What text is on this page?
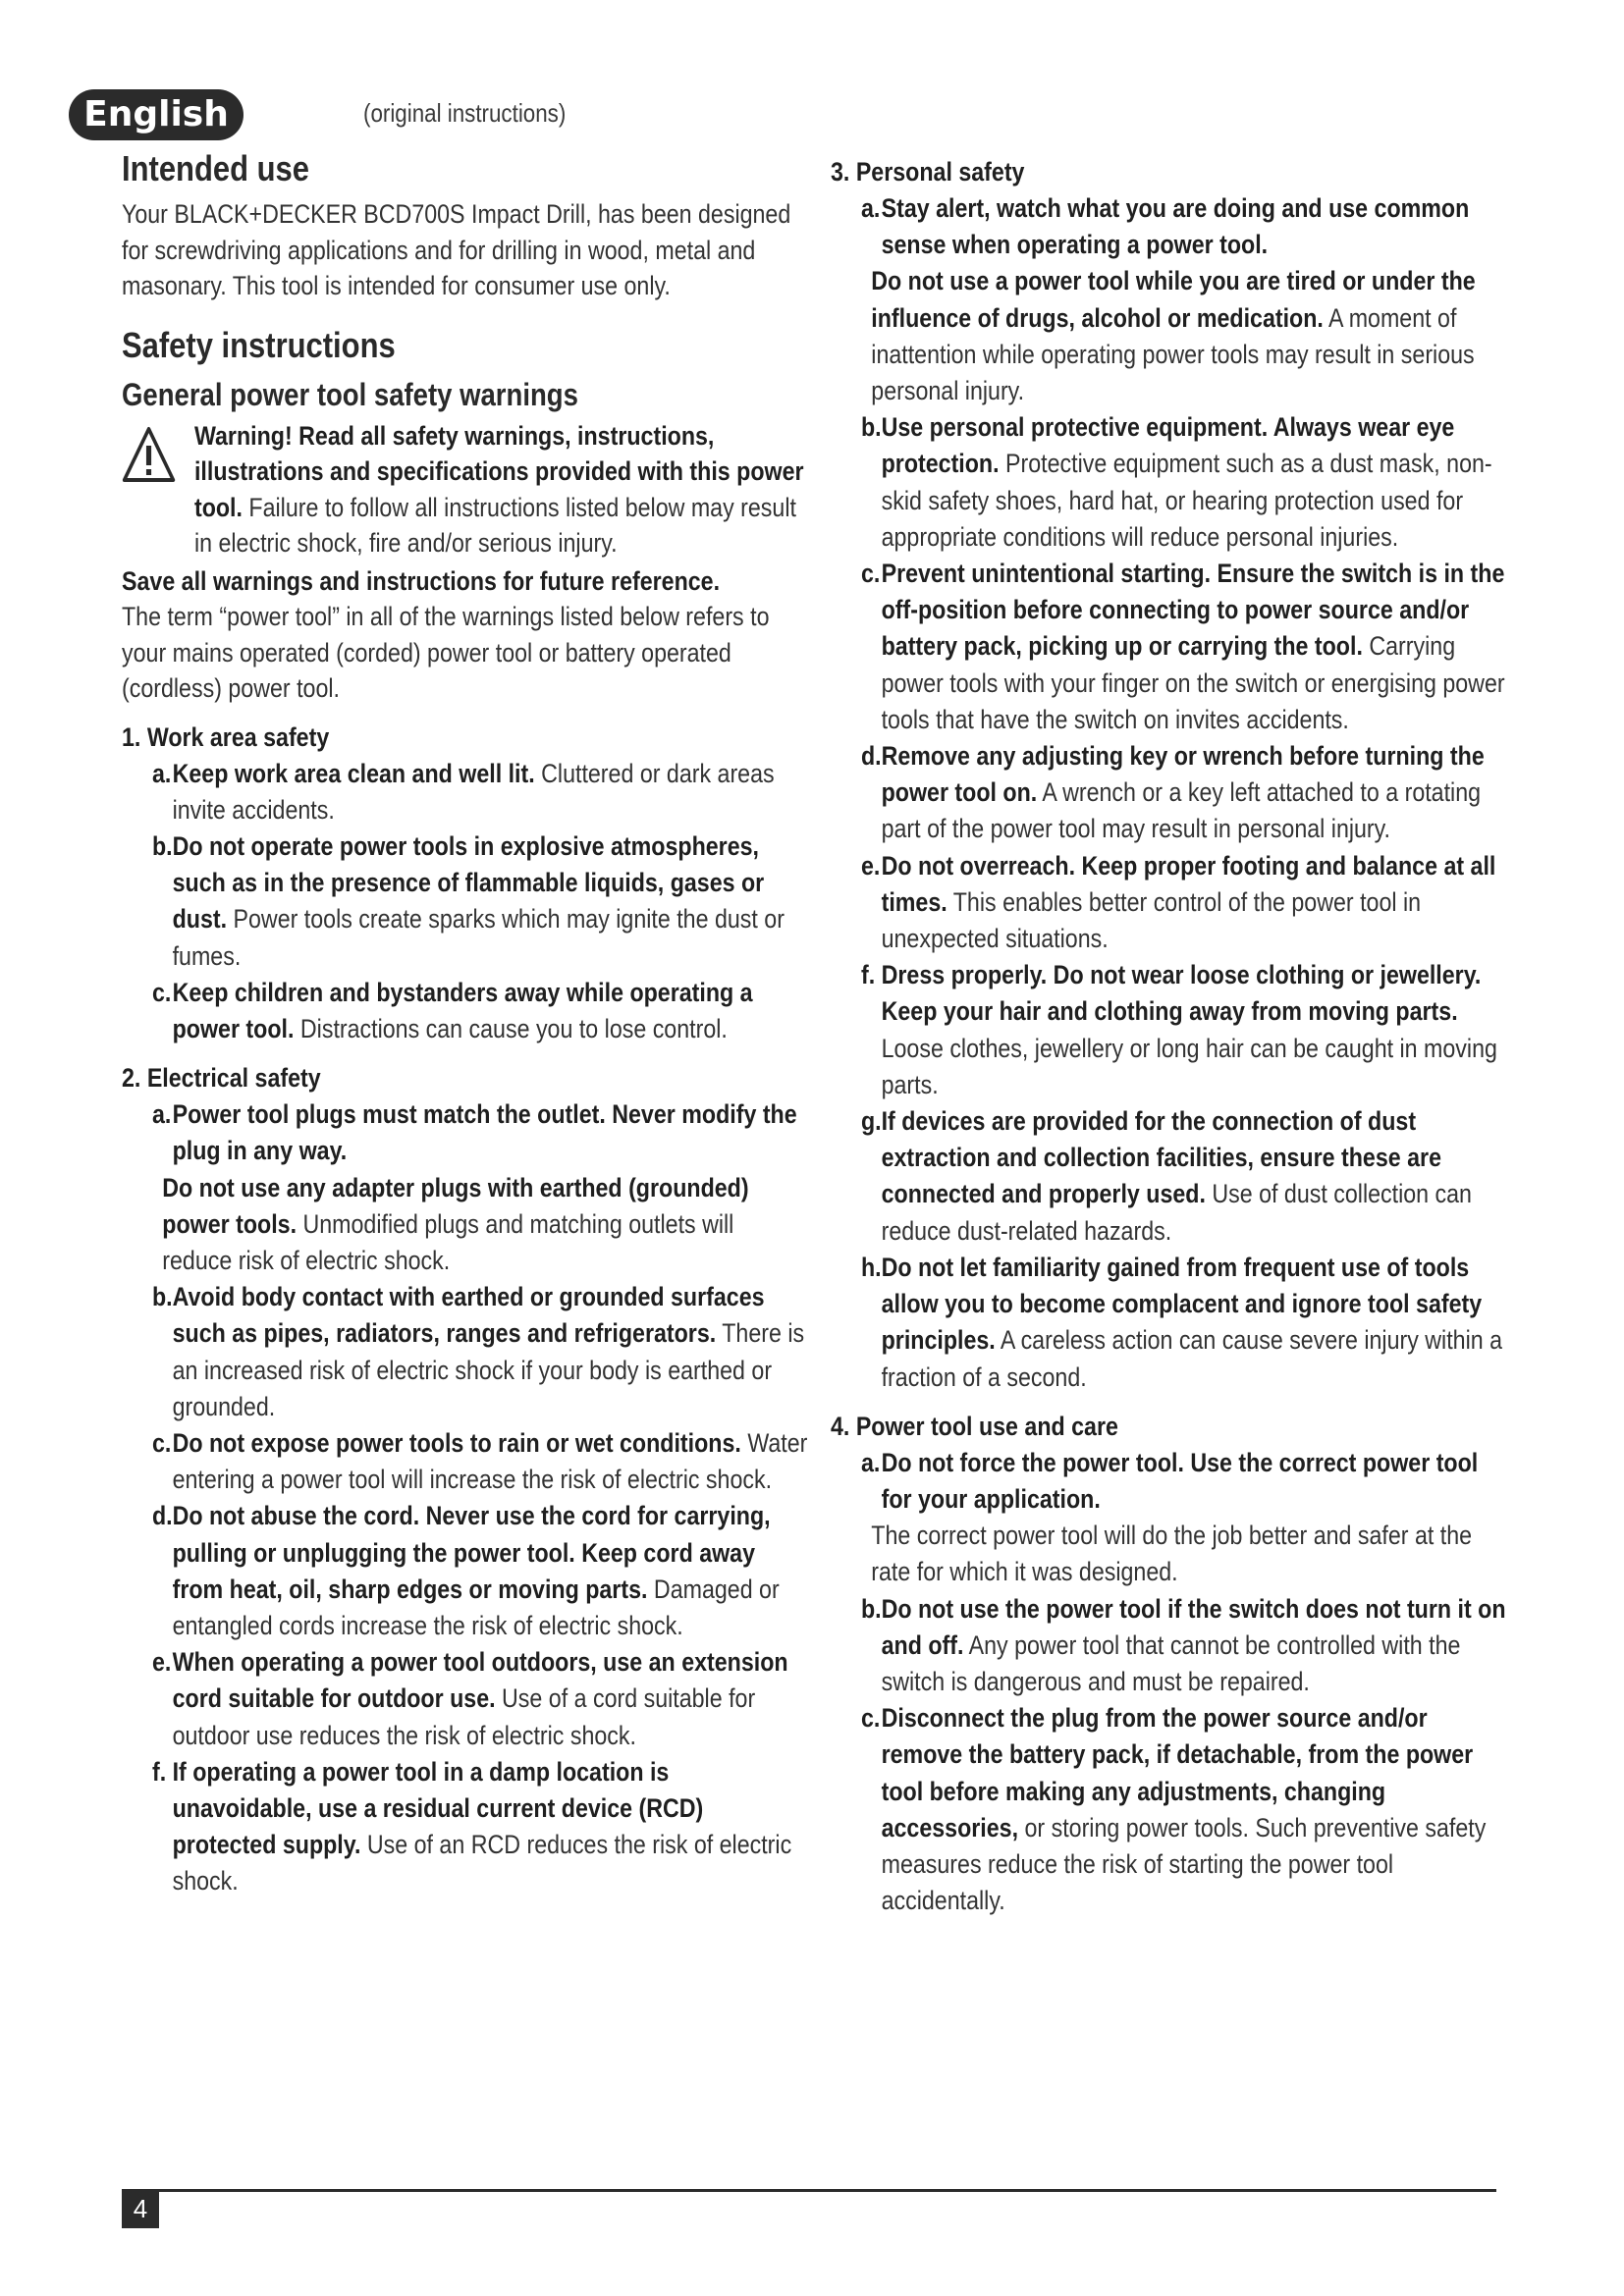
English	(original instructions)
Intended use

Your BLACK+DECKER BCD700S Impact Drill, has been designed for screwdriving applications and for drilling in wood, metal and masonary. This tool is intended for consumer use only.

Safety instructions
General power tool safety warnings

Warning! Read all safety warnings, instructions, illustrations and specifications provided with this power tool. Failure to follow all instructions listed below may result in electric shock, fire and/or serious injury.

Save all warnings and instructions for future reference.

The term “power tool” in all of the warnings listed below refers to your mains operated (corded) power tool or battery operated (cordless) power tool.

1. Work area safety
a. Keep work area clean and well lit. Cluttered or dark areas invite accidents.
b. Do not operate power tools in explosive atmospheres, such as in the presence of flammable liquids, gases or dust. Power tools create sparks which may ignite the dust or fumes.
c. Keep children and bystanders away while operating a power tool. Distractions can cause you to lose control.
2. Electrical safety
a. Power tool plugs must match the outlet. Never modify the plug in any way.
Do not use any adapter plugs with earthed (grounded) power tools. Unmodified plugs and matching outlets will reduce risk of electric shock.
b. Avoid body contact with earthed or grounded surfaces such as pipes, radiators, ranges and refrigerators. There is an increased risk of electric shock if your body is earthed or grounded.
c. Do not expose power tools to rain or wet conditions. Water entering a power tool will increase the risk of electric shock.
d. Do not abuse the cord. Never use the cord for carrying, pulling or unplugging the power tool. Keep cord away from heat, oil, sharp edges or moving parts. Damaged or entangled cords increase the risk of electric shock.
e. When operating a power tool outdoors, use an extension cord suitable for outdoor use. Use of a cord suitable for outdoor use reduces the risk of electric shock.
f. If operating a power tool in a damp location is unavoidable, use a residual current device (RCD) protected supply. Use of an RCD reduces the risk of electric shock.
3. Personal safety
a. Stay alert, watch what you are doing and use common sense when operating a power tool.
Do not use a power tool while you are tired or under the influence of drugs, alcohol or medication. A moment of inattention while operating power tools may result in serious personal injury.
b. Use personal protective equipment. Always wear eye protection. Protective equipment such as a dust mask, non-skid safety shoes, hard hat, or hearing protection used for appropriate conditions will reduce personal injuries.
c. Prevent unintentional starting. Ensure the switch is in the off-position before connecting to power source and/or battery pack, picking up or carrying the tool. Carrying power tools with your finger on the switch or energising power tools that have the switch on invites accidents.
d. Remove any adjusting key or wrench before turning the power tool on. A wrench or a key left attached to a rotating part of the power tool may result in personal injury.
e. Do not overreach. Keep proper footing and balance at all times. This enables better control of the power tool in unexpected situations.
f. Dress properly. Do not wear loose clothing or jewellery. Keep your hair and clothing away from moving parts. Loose clothes, jewellery or long hair can be caught in moving parts.
g. If devices are provided for the connection of dust extraction and collection facilities, ensure these are connected and properly used. Use of dust collection can reduce dust-related hazards.
h. Do not let familiarity gained from frequent use of tools allow you to become complacent and ignore tool safety principles. A careless action can cause severe injury within a fraction of a second.
4. Power tool use and care
a. Do not force the power tool. Use the correct power tool for your application.
The correct power tool will do the job better and safer at the rate for which it was designed.
b. Do not use the power tool if the switch does not turn it on and off. Any power tool that cannot be controlled with the switch is dangerous and must be repaired.
c. Disconnect the plug from the power source and/or remove the battery pack, if detachable, from the power tool before making any adjustments, changing accessories, or storing power tools. Such preventive safety measures reduce the risk of starting the power tool accidentally.
4
